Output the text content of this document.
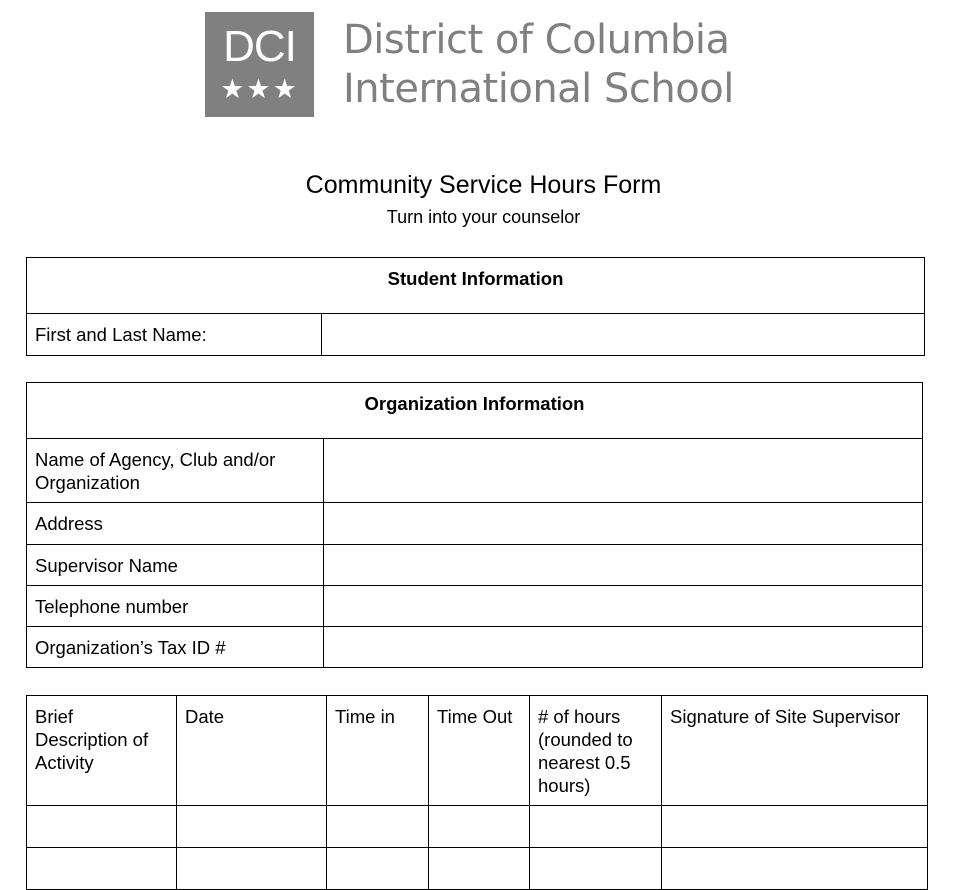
DCI
★★★
District of Columbia
International School
Community Service Hours Form
Turn into your counselor
Student Information
First and Last Name:	
Organization Information	
Name of Agency, Club and/or Organization	
Address	
Supervisor Name	
Telephone number	
Organization’s Tax ID #	
Brief Description of Activity	Date	Time in	Time Out	# of hours (rounded to nearest 0.5 hours)	Signature of Site Supervisor
